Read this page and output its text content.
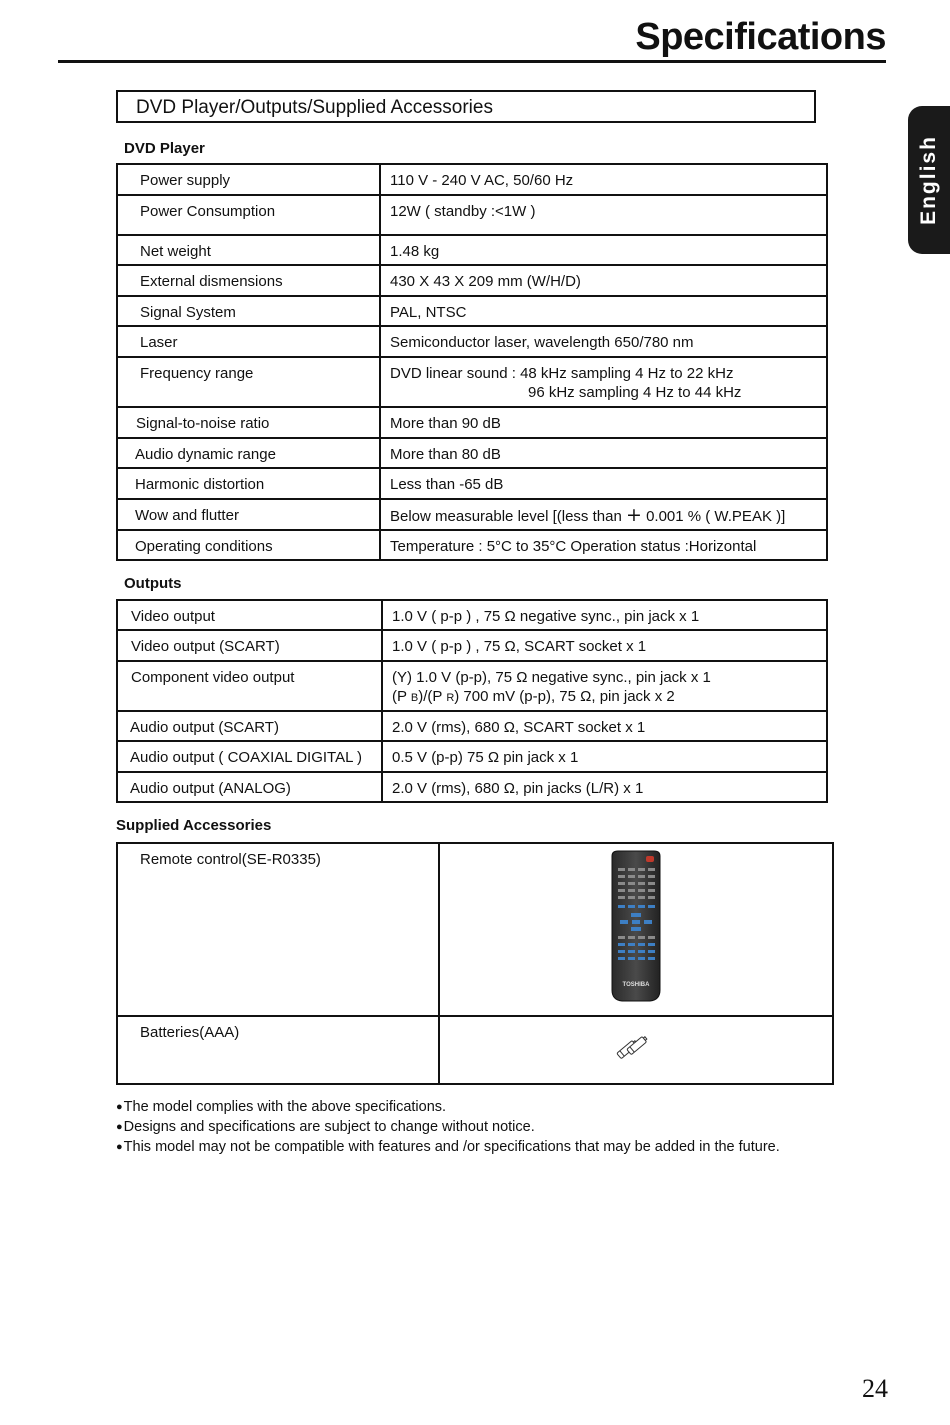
Specifications
English
DVD Player/Outputs/Supplied Accessories
DVD Player
Power supply	110 V - 240 V AC, 50/60 Hz
Power Consumption	12W ( standby :<1W )
Net weight	1.48 kg
External dismensions	430 X 43 X 209 mm (W/H/D)
Signal System	PAL, NTSC
Laser	Semiconductor laser, wavelength 650/780 nm
Frequency range	DVD linear sound : 48 kHz sampling 4 Hz to 22 kHz
96 kHz sampling 4 Hz to 44 kHz

Signal-to-noise ratio	More than 90 dB
Audio dynamic range	More than 80 dB
Harmonic distortion	Less than -65 dB
Wow and flutter	Below measurable level [(less than + 0.001 % ( W.PEAK )]
Operating conditions	Temperature : 5°C to 35°C Operation status :Horizontal
Outputs
Video output	1.0 V ( p-p ) , 75 Ω negative sync., pin jack x 1
Video output (SCART)	1.0 V ( p-p ) , 75 Ω, SCART socket x 1
Component video output	(Y) 1.0 V (p-p), 75 Ω negative sync., pin jack x 1
(P B)/(P R) 700 mV (p-p), 75 Ω, pin jack x 2
Audio output (SCART)	2.0 V (rms), 680 Ω, SCART socket x 1
Audio output ( COAXIAL DIGITAL )	0.5 V (p-p) 75 Ω pin jack x 1
Audio output (ANALOG)	2.0 V (rms), 680 Ω, pin jacks (L/R) x 1
Supplied Accessories
Remote control(SE-R0335)	TOSHIBA

Batteries(AAA)	
● The model complies with the above specifications.
● Designs and specifications are subject to change without notice.
● This model may not be compatible with features and /or specifications that may be added in the future.
24
